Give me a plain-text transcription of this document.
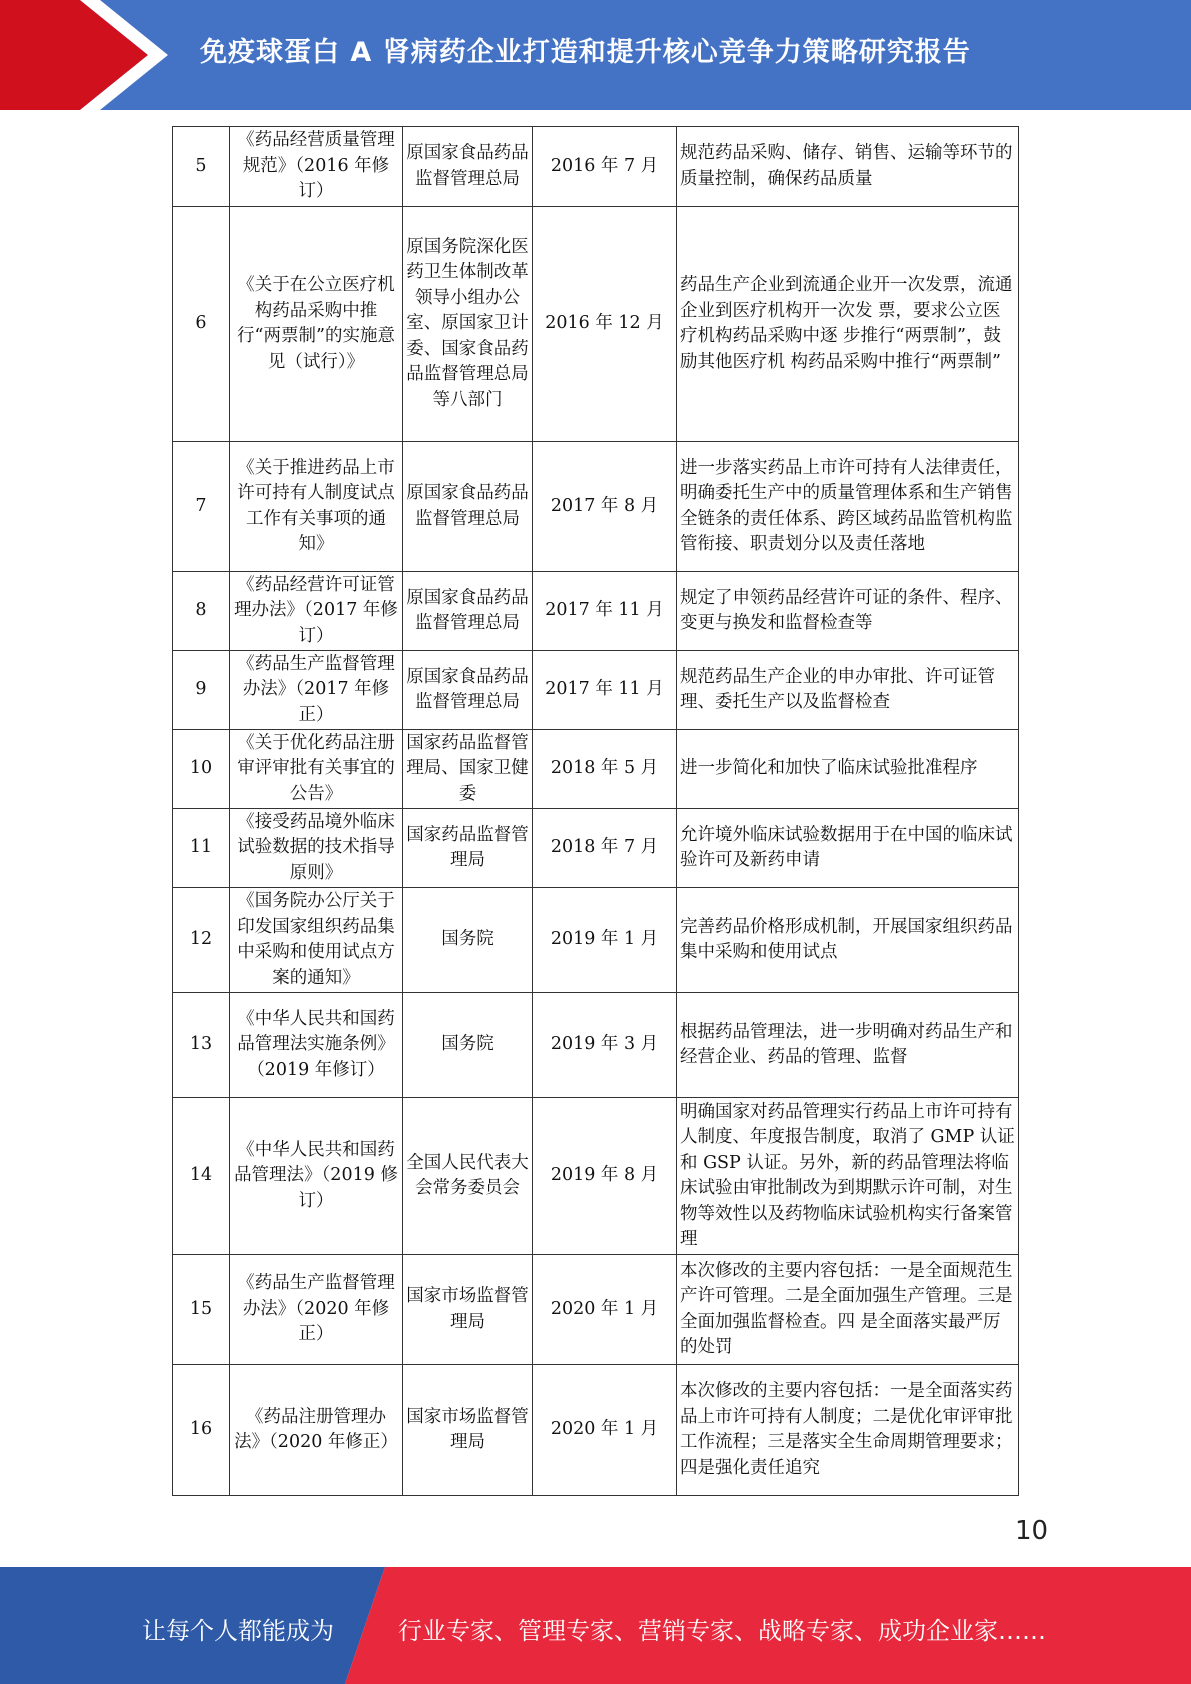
免疫球蛋白 A 肾病药企业打造和提升核心竞争力策略研究报告
5	《药品经营质量管理规范》（2016 年修订）	原国家食品药品监督管理总局	2016 年 7 月	规范药品采购、储存、销售、运输等环节的质量控制，确保药品质量
6	《关于在公立医疗机构药品采购中推行“两票制”的实施意见（试行）》	原国务院深化医药卫生体制改革领导小组办公室、原国家卫计委、国家食品药品监督管理总局等八部门	2016 年 12 月	药品生产企业到流通企业开一次发票，流通企业到医疗机构开一次发 票，要求公立医疗机构药品采购中逐 步推行“两票制”，鼓励其他医疗机 构药品采购中推行“两票制”
7	《关于推进药品上市许可持有人制度试点工作有关事项的通知》	原国家食品药品监督管理总局	2017 年 8 月	进一步落实药品上市许可持有人法律责任，明确委托生产中的质量管理体系和生产销售全链条的责任体系、跨区域药品监管机构监管衔接、职责划分以及责任落地
8	《药品经营许可证管理办法》（2017 年修订）	原国家食品药品监督管理总局	2017 年 11 月	规定了申领药品经营许可证的条件、程序、变更与换发和监督检查等
9	《药品生产监督管理办法》（2017 年修正）	原国家食品药品监督管理总局	2017 年 11 月	规范药品生产企业的申办审批、许可证管理、委托生产以及监督检查
10	《关于优化药品注册审评审批有关事宜的公告》	国家药品监督管理局、国家卫健委	2018 年 5 月	进一步简化和加快了临床试验批准程序
11	《接受药品境外临床试验数据的技术指导原则》	国家药品监督管理局	2018 年 7 月	允许境外临床试验数据用于在中国的临床试验许可及新药申请
12	《国务院办公厅关于印发国家组织药品集中采购和使用试点方案的通知》	国务院	2019 年 1 月	完善药品价格形成机制，开展国家组织药品集中采购和使用试点
13	《中华人民共和国药品管理法实施条例》（2019 年修订）	国务院	2019 年 3 月	根据药品管理法，进一步明确对药品生产和经营企业、药品的管理、监督
14	《中华人民共和国药品管理法》（2019 修订）	全国人民代表大会常务委员会	2019 年 8 月	明确国家对药品管理实行药品上市许可持有人制度、年度报告制度，取消了 GMP 认证和 GSP 认证。另外，新的药品管理法将临床试验由审批制改为到期默示许可制，对生物等效性以及药物临床试验机构实行备案管理
15	《药品生产监督管理办法》（2020 年修正）	国家市场监督管理局	2020 年 1 月	本次修改的主要内容包括：一是全面规范生产许可管理。二是全面加强生产管理。三是全面加强监督检查。四 是全面落实最严厉的处罚
16	《药品注册管理办法》（2020 年修正）	国家市场监督管理局	2020 年 1 月	本次修改的主要内容包括：一是全面落实药品上市许可持有人制度；二是优化审评审批工作流程；三是落实全生命周期管理要求；四是强化责任追究
10
让每个人都能成为	行业专家、管理专家、营销专家、战略专家、成功企业家……
